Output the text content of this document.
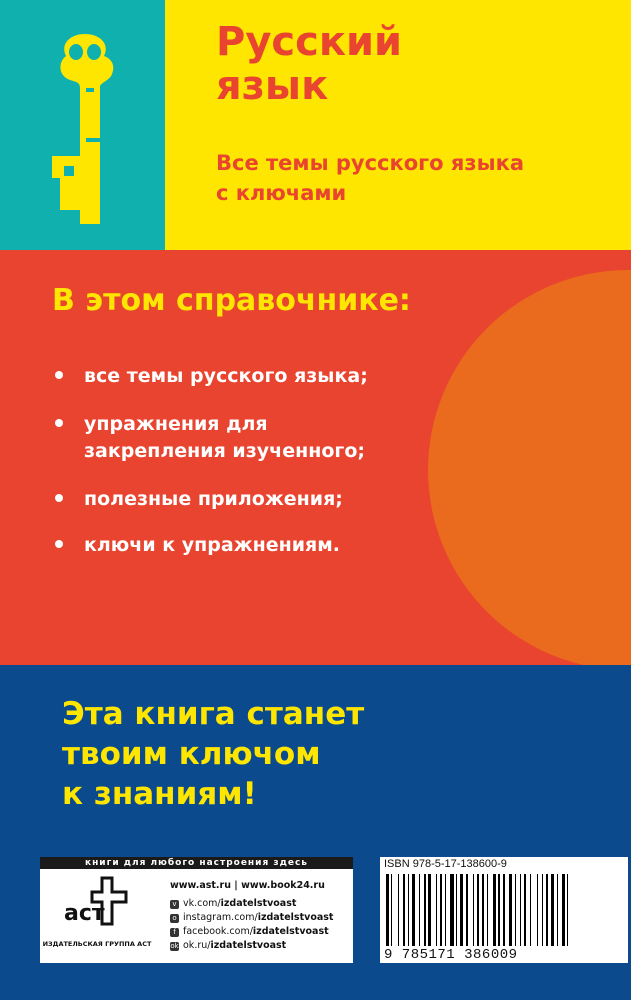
Русский
язык
Все темы русского языка
с ключами
В этом справочнике:
все темы русского языка;
упражнения для
закрепления изученного;
полезные приложения;
ключи к упражнениям.
Эта книга станет
твоим ключом
к знаниям!
книги для любого настроения здесь
аст
ИЗДАТЕЛЬСКАЯ ГРУППА АСТ
www.ast.ru | www.book24.ru
v vk.com/izdatelstvoast
o instagram.com/izdatelstvoast
f facebook.com/izdatelstvoast
ok ok.ru/izdatelstvoast
ISBN 978-5-17-138600-9
9 785171 386009
